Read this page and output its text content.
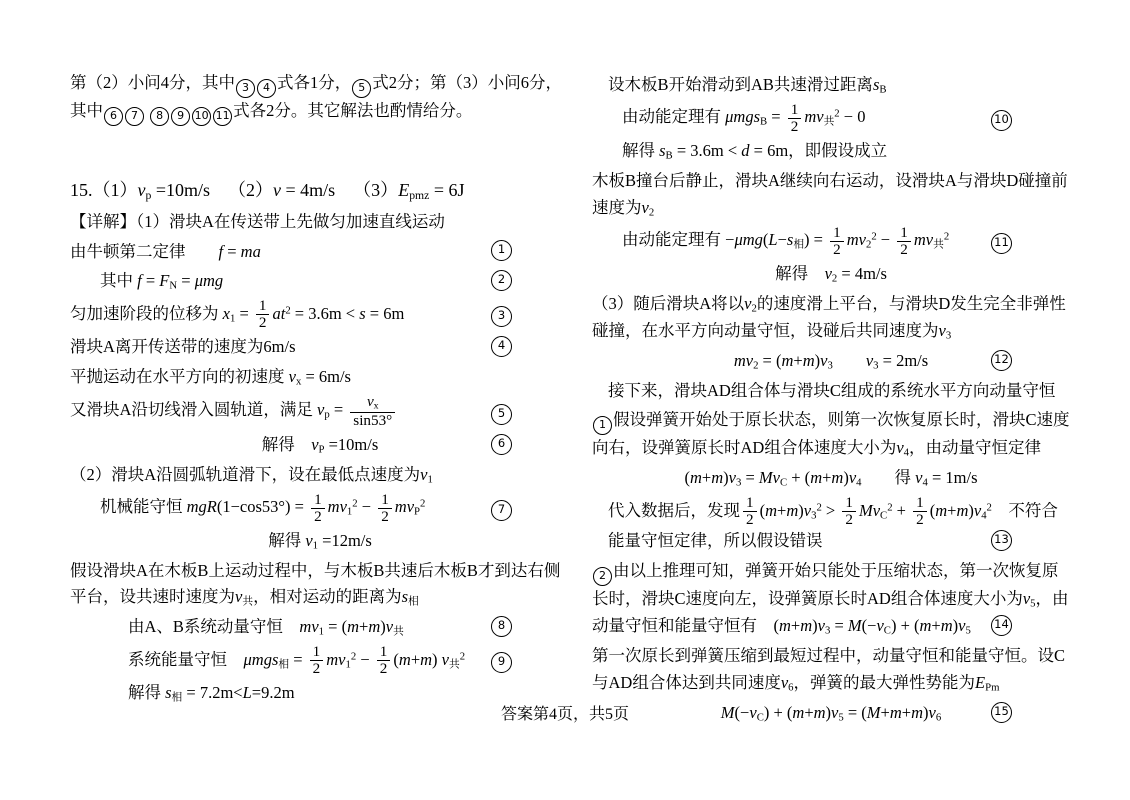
第（2）小问4分，其中 3 4 式各1分， 5 式2分；第（3）小问6分，其中 6 7 8 9 10 11 式各2分。其它解法也酌情给分。
$15.(1)v_p =10m/s$ （2）v = 4m/s $(3)E_{pmz} = 6J$
【详解】（1）滑块A在传送带上先做匀加速直线运动
由牛顿第二定律  f = ma	1
其中 $f = F_N = \mu mg$	2
匀加速阶段的位移为 $x_1 = \frac{1}{2} at^2 = 3.6m < s = 6m$	3
滑块A离开传送带的速度为6m/s	4
平抛运动在水平方向的初速度 $v_x = 6m/s$
又滑块A沿切线滑入圆轨道，满足 $v_p = \frac{v_x}{\sin 53^\circ}$	5
解得 $v_P =10m/s$	6
（2）滑块A沿圆弧轨道滑下，设在最低点速度为$v_1$
机械能守恒 $mgR(1-\cos 53^\circ) = \frac{1}{2} mv_1^2 - \frac{1}{2} mv_P^2$	7
解得 $v_1 =12m/s$
假设滑块A在木板B上运动过程中，与木板B共速后木板B才到达右侧平台，设共速时速度为$v_共$，相对运动的距离为$s_相$
由A、B系统动量守恒 $mv_1 = (m+m)v_共$	8
系统能量守恒 $\mu mgs_相 = \frac{1}{2} mv_1^2 - \frac{1}{2} (m+m)$ $v_共^2$	9
解得 $s_相 = 7.2m<L=9.2m$
设木板B开始滑动到AB共速滑过距离$s_B$
由动能定理有 $\mu mgs_B = \frac{1}{2} mv_共^2 - 0$	10
解得 $s_B = 3.6m < d = 6m$，即假设成立
木板B撞台后静止，滑块A继续向右运动，设滑块A与滑块D碰撞前速度为$v_2$
由动能定理有 $-\mu mg(L-s_相) = \frac{1}{2} mv_2^2 - \frac{1}{2} mv_共^2$	11
解得 $v_2 = 4m/s$
（3）随后滑块A将以$v_2$的速度滑上平台，与滑块D发生完全非弹性碰撞，在水平方向动量守恒，设碰后共同速度为$v_3$
$mv_2 = (m+m)v_3$   $v_3 = 2m/s$	12
接下来，滑块AD组合体与滑块C组成的系统水平方向动量守恒
1 假设弹簧开始处于原长状态，则第一次恢复原长时，滑块C速度向右，设弹簧原长时AD组合体速度大小为$v_4$，由动量守恒定律
$(m+m)v_3 = Mv_C + (m+m)v_4$  得 $v_4 = 1m/s$
代入数据后，发现 $\frac{1}{2} (m+m)v_3^2 > \frac{1}{2} Mv_C^2 + \frac{1}{2} (m+m)v_4^2$ 不符合能量守恒定律，所以假设错误	13
2 由以上推理可知，弹簧开始只能处于压缩状态，第一次恢复原长时，滑块C速度向左，设弹簧原长时AD组合体速度大小为$v_5$，由动量守恒和能量守恒有 $(m+m)v_3 = M(-v_C) + (m+m)v_5$ 14
第一次原长到弹簧压缩到最短过程中，动量守恒和能量守恒。设C与AD组合体达到共同速度$v_6$，弹簧的最大弹性势能为$E_{Pm}$
$M(-v_C) + (m+m)v_5 = (M+m+m)v_6$	15
答案第4页，共5页
